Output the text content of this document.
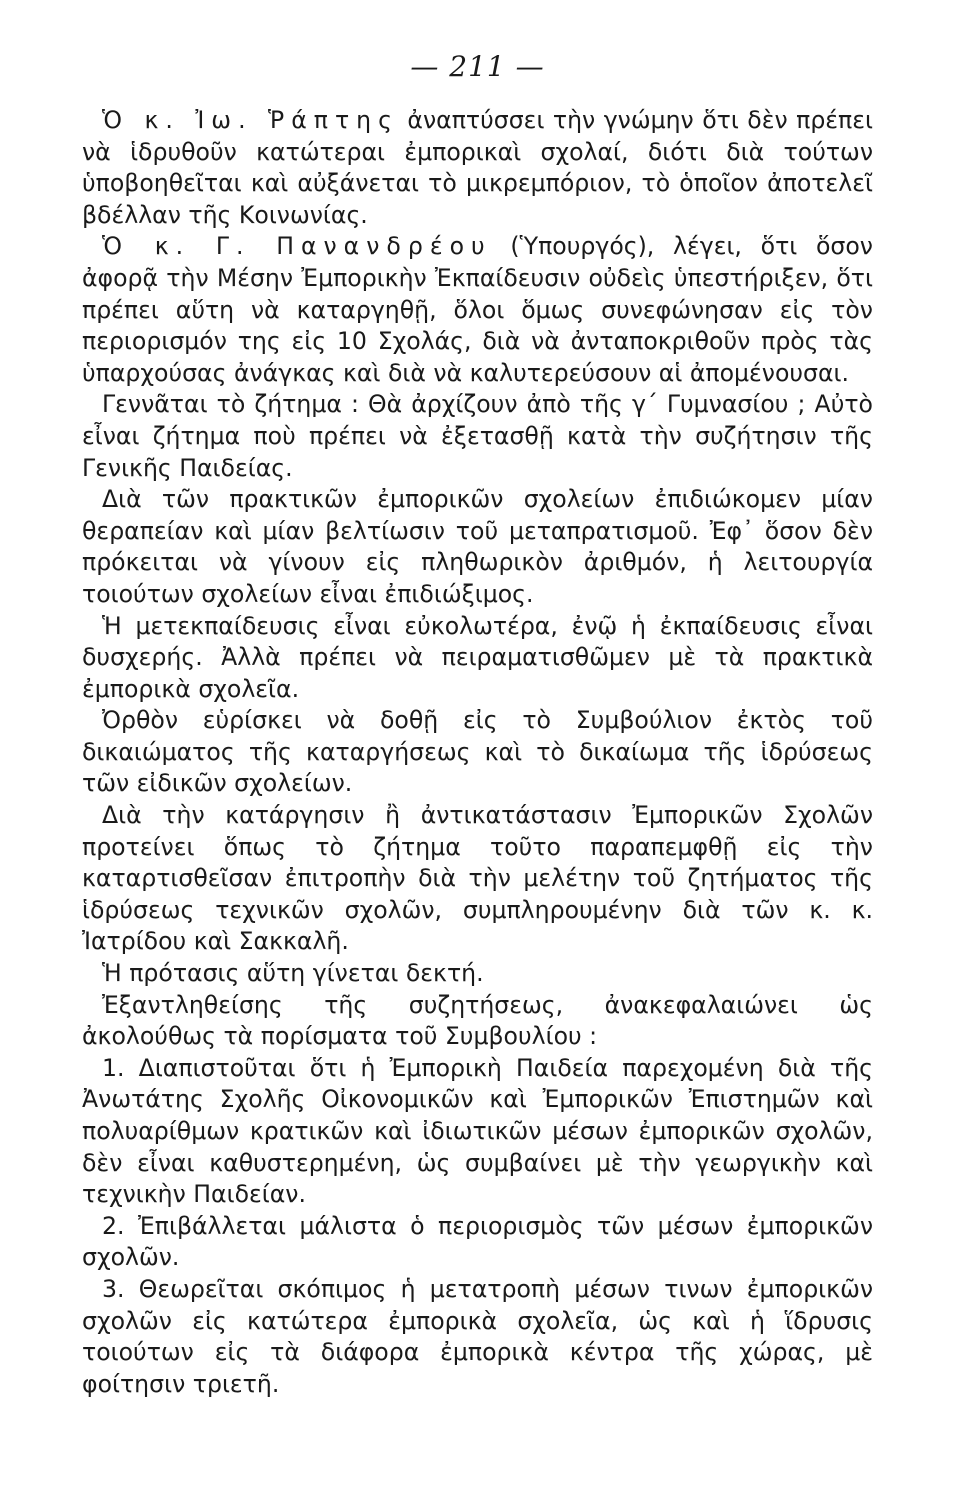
— 211 —

Ὁ κ. Ἰω. Ῥάπτης ἀναπτύσσει τὴν γνώμην ὅτι δὲν πρέπει νὰ ἱδρυθοῦν κατώτεραι ἐμπορικαὶ σχολαί, διότι διὰ τούτων ὑποβοηθεῖται καὶ αὐξάνεται τὸ μικρεμπόριον, τὸ ὁποῖον ἀποτελεῖ βδέλλαν τῆς Κοινωνίας.

Ὁ κ. Γ. Πανανδρέου (Ὑπουργός), λέγει, ὅτι ὅσον ἀφορᾷ τὴν Μέσην Ἐμπορικὴν Ἐκπαίδευσιν οὐδεὶς ὑπεστήριξεν, ὅτι πρέπει αὕτη νὰ καταργηθῇ, ὅλοι ὅμως συνεφώνησαν εἰς τὸν περιορισμόν της εἰς 10 Σχολάς, διὰ νὰ ἀνταποκριθοῦν πρὸς τὰς ὑπαρχούσας ἀνάγκας καὶ διὰ νὰ καλυτερεύσουν αἱ ἀπομένουσαι.

Γεννᾶται τὸ ζήτημα : Θὰ ἀρχίζουν ἀπὸ τῆς γ΄ Γυμνασίου ; Αὐτὸ εἶναι ζήτημα ποὺ πρέπει νὰ ἐξετασθῇ κατὰ τὴν συζήτησιν τῆς Γενικῆς Παιδείας.

Διὰ τῶν πρακτικῶν ἐμπορικῶν σχολείων ἐπιδιώκομεν μίαν θεραπείαν καὶ μίαν βελτίωσιν τοῦ μεταπρατισμοῦ. Ἐφ᾿ ὅσον δὲν πρόκειται νὰ γίνουν εἰς πληθωρικὸν ἀριθμόν, ἡ λειτουργία τοιούτων σχολείων εἶναι ἐπιδιώξιμος.

Ἡ μετεκπαίδευσις εἶναι εὐκολωτέρα, ἐνῷ ἡ ἐκπαίδευσις εἶναι δυσχερής. Ἀλλὰ πρέπει νὰ πειραματισθῶμεν μὲ τὰ πρακτικὰ ἐμπορικὰ σχολεῖα.

Ὀρθὸν εὑρίσκει νὰ δοθῇ εἰς τὸ Συμβούλιον ἐκτὸς τοῦ δικαιώματος τῆς καταργήσεως καὶ τὸ δικαίωμα τῆς ἱδρύσεως τῶν εἰδικῶν σχολείων.

Διὰ τὴν κατάργησιν ἢ ἀντικατάστασιν Ἐμπορικῶν Σχολῶν προτείνει ὅπως τὸ ζήτημα τοῦτο παραπεμφθῇ εἰς τὴν καταρτισθεῖσαν ἐπιτροπὴν διὰ τὴν μελέτην τοῦ ζητήματος τῆς ἱδρύσεως τεχνικῶν σχολῶν, συμπληρουμένην διὰ τῶν κ. κ. Ἰατρίδου καὶ Σακκαλῆ.

Ἡ πρότασις αὕτη γίνεται δεκτή.

Ἐξαντληθείσης τῆς συζητήσεως, ἀνακεφαλαιώνει ὡς ἀκολούθως τὰ πορίσματα τοῦ Συμβουλίου :

1. Διαπιστοῦται ὅτι ἡ Ἐμπορικὴ Παιδεία παρεχομένη διὰ τῆς Ἀνωτάτης Σχολῆς Οἰκονομικῶν καὶ Ἐμπορικῶν Ἐπιστημῶν καὶ πολυαρίθμων κρατικῶν καὶ ἰδιωτικῶν μέσων ἐμπορικῶν σχολῶν, δὲν εἶναι καθυστερημένη, ὡς συμβαίνει μὲ τὴν γεωργικὴν καὶ τεχνικὴν Παιδείαν.

2. Ἐπιβάλλεται μάλιστα ὁ περιορισμὸς τῶν μέσων ἐμπορικῶν σχολῶν.

3. Θεωρεῖται σκόπιμος ἡ μετατροπὴ μέσων τινων ἐμπορικῶν σχολῶν εἰς κατώτερα ἐμπορικὰ σχολεῖα, ὡς καὶ ἡ ἵδρυσις τοιούτων εἰς τὰ διάφορα ἐμπορικὰ κέντρα τῆς χώρας, μὲ φοίτησιν τριετῆ.
